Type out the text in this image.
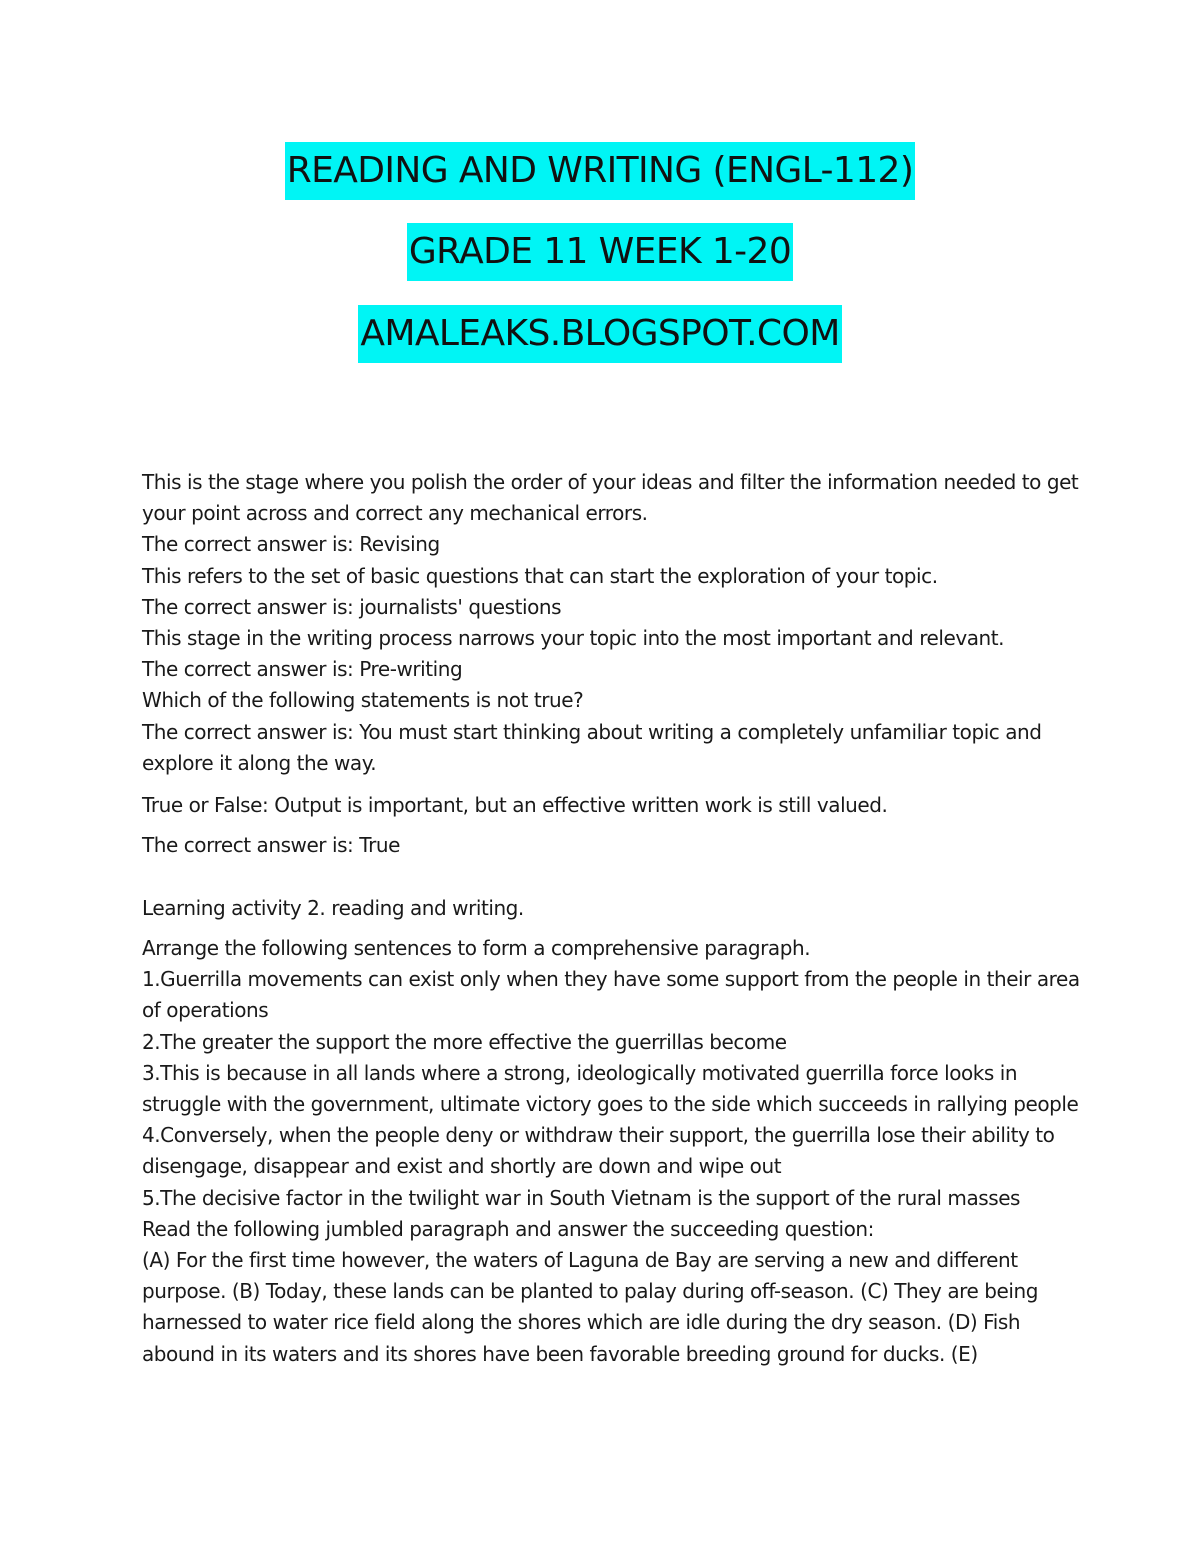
READING AND WRITING (ENGL-112)
GRADE 11 WEEK 1-20
AMALEAKS.BLOGSPOT.COM

This is the stage where you polish the order of your ideas and filter the information needed to get your point across and correct any mechanical errors.

The correct answer is: Revising

This refers to the set of basic questions that can start the exploration of your topic.

The correct answer is: journalists' questions

This stage in the writing process narrows your topic into the most important and relevant.

The correct answer is: Pre-writing

Which of the following statements is not true?

The correct answer is: You must start thinking about writing a completely unfamiliar topic and explore it along the way.

True or False: Output is important, but an effective written work is still valued.
The correct answer is: True
Learning activity 2. reading and writing.

Arrange the following sentences to form a comprehensive paragraph.

1.Guerrilla movements can exist only when they have some support from the people in their area of operations

2.The greater the support the more effective the guerrillas become

3.This is because in all lands where a strong, ideologically motivated guerrilla force looks in struggle with the government, ultimate victory goes to the side which succeeds in rallying people

4.Conversely, when the people deny or withdraw their support, the guerrilla lose their ability to disengage, disappear and exist and shortly are down and wipe out

5.The decisive factor in the twilight war in South Vietnam is the support of the rural masses

Read the following jumbled paragraph and answer the succeeding question:

(A) For the first time however, the waters of Laguna de Bay are serving a new and different purpose. (B) Today, these lands can be planted to palay during off-season. (C) They are being harnessed to water rice field along the shores which are idle during the dry season. (D) Fish abound in its waters and its shores have been favorable breeding ground for ducks. (E)
